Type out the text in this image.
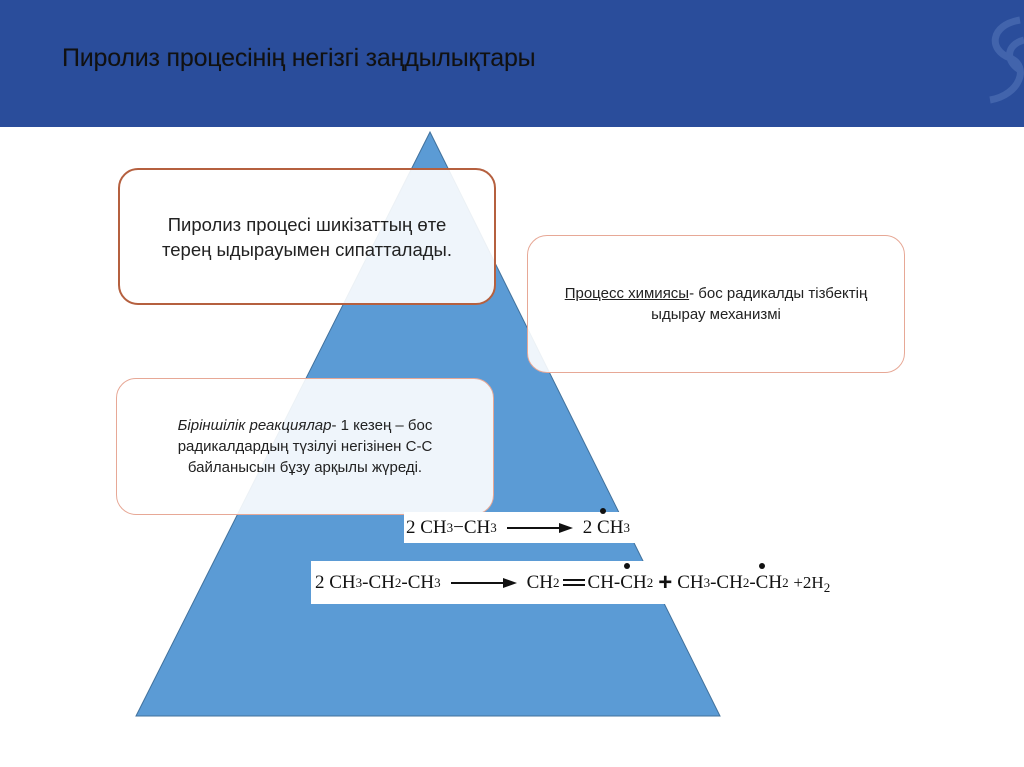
Пиролиз процесінің негізгі заңдылықтары
Пиролиз процесі шикізаттың өте терең ыдырауымен сипатталады.
Процесс химиясы- бос радикалды тізбектің ыдырау механизмі
Біріншілік реакциялар- 1 кезең – бос радикалдардың түзілуі негізінен С-С байланысын бұзу арқылы жүреді.
2 CH 3 −CH 3	2
C H 3
2 CH 3 -CH 2 -CH 3	CH 2 CH- C H 2 + CH 3 -CH 2 - C H 2
$+2H_2$
